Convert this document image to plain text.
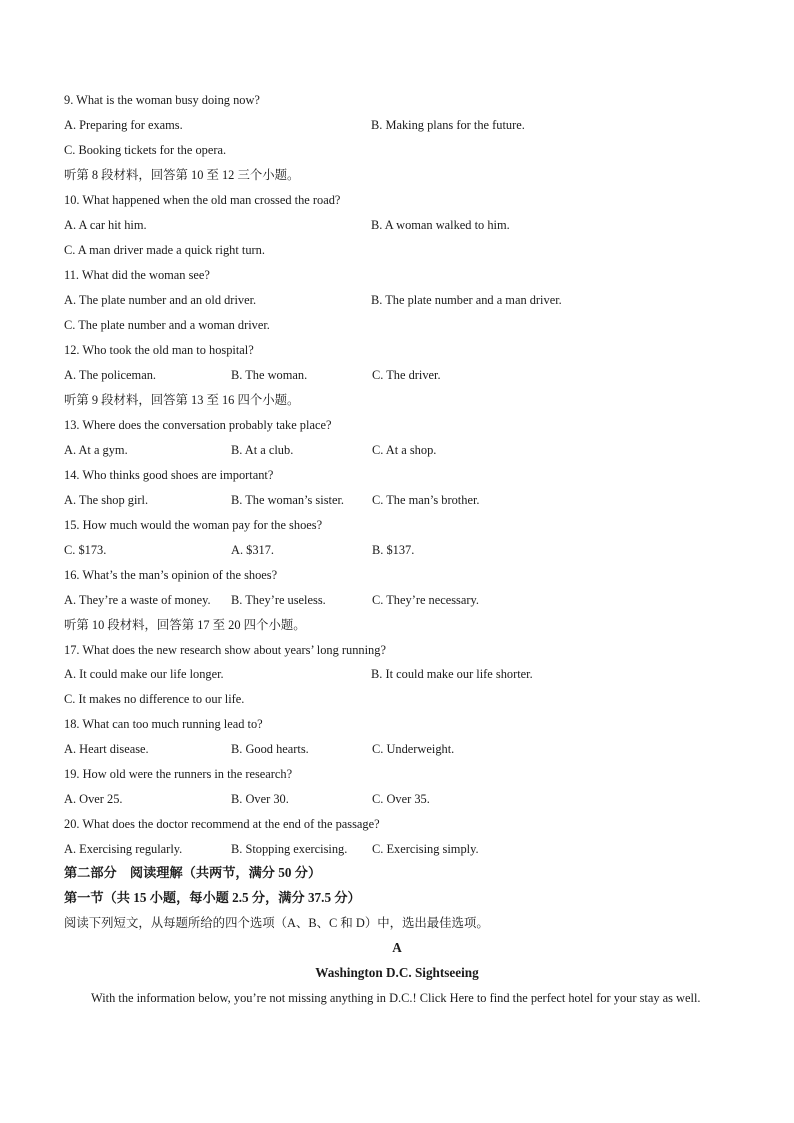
9. What is the woman busy doing now?
A. Preparing for exams.	B. Making plans for the future.
C. Booking tickets for the opera.
听第 8 段材料，回答第 10 至 12 三个小题。
10. What happened when the old man crossed the road?
A. A car hit him.	B. A woman walked to him.
C. A man driver made a quick right turn.
11. What did the woman see?
A. The plate number and an old driver.	B. The plate number and a man driver.
C. The plate number and a woman driver.
12. Who took the old man to hospital?
A. The policeman.	B. The woman.	C. The driver.
听第 9 段材料，回答第 13 至 16 四个小题。
13. Where does the conversation probably take place?
A. At a gym.	B. At a club.	C. At a shop.
14. Who thinks good shoes are important?
A. The shop girl.	B. The woman’s sister. C. The man’s brother.
15. How much would the woman pay for the shoes?
C. $173.	A. $317.	B. $137.
16. What’s the man’s opinion of the shoes?
A. They’re a waste of money. B. They’re useless.	C. They’re necessary.
听第 10 段材料，回答第 17 至 20 四个小题。
17. What does the new research show about years’ long running?
A. It could make our life longer.	B. It could make our life shorter.
C. It makes no difference to our life.
18. What can too much running lead to?
A. Heart disease.	B. Good hearts.	C. Underweight.
19. How old were the runners in the research?
A. Over 25.	B. Over 30.	C. Over 35.
20. What does the doctor recommend at the end of the passage?
A. Exercising regularly.	B. Stopping exercising. C. Exercising simply.
第二部分　阅读理解（共两节，满分 50 分）
第一节（共 15 小题，每小题 2.5 分，满分 37.5 分）
阅读下列短文，从每题所给的四个选项（A、B、C 和 D）中，选出最佳选项。
A
Washington D.C. Sightseeing
With the information below, you’re not missing anything in D.C.! Click Here to find the perfect hotel for your stay as well.
